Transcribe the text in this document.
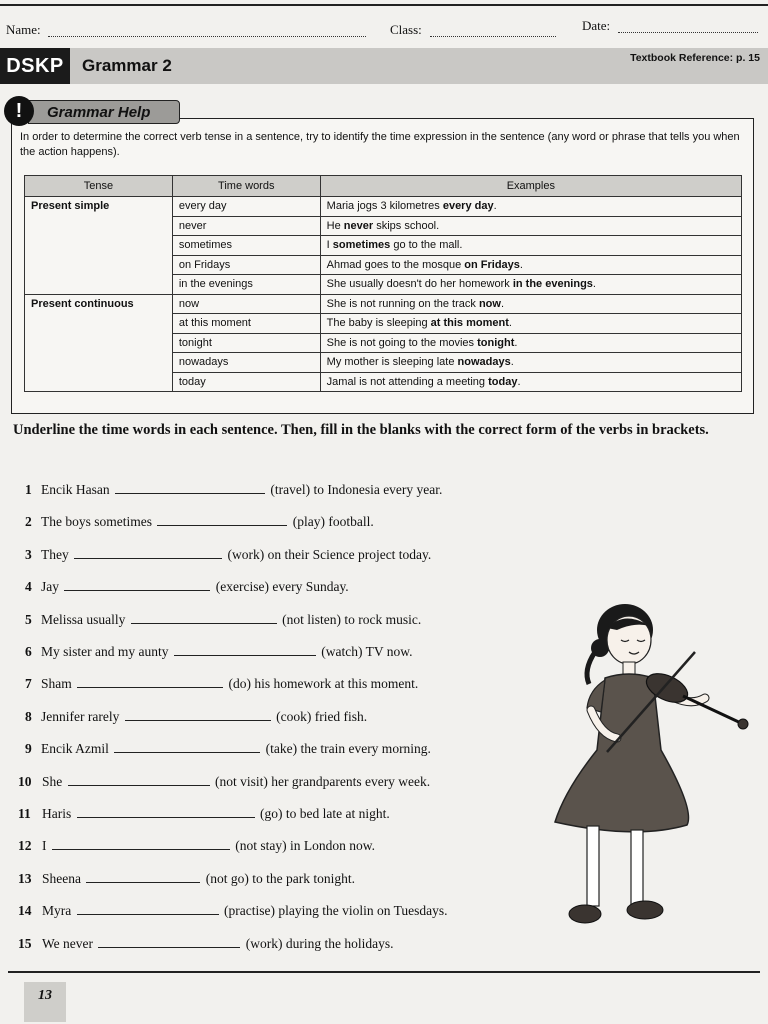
Name:	Class:	Date:
DSKP	Grammar 2	Textbook Reference: p. 15
Grammar Help
!
In order to determine the correct verb tense in a sentence, try to identify the time expression in the sentence (any word or phrase that tells you when the action happens).
Tense	Time words	Examples
Present simple	every day	Maria jogs 3 kilometres every day.
	never	He never skips school.
	sometimes	I sometimes go to the mall.
	on Fridays	Ahmad goes to the mosque on Fridays.
	in the evenings	She usually doesn't do her homework in the evenings.
Present continuous	now	She is not running on the track now.
	at this moment	The baby is sleeping at this moment.
	tonight	She is not going to the movies tonight.
	nowadays	My mother is sleeping late nowadays.
	today	Jamal is not attending a meeting today.
Underline the time words in each sentence. Then, fill in the blanks with the correct form of the verbs in brackets.
1 Encik Hasan	(travel) to Indonesia every year.
2 The boys sometimes	(play) football.
3 They	(work) on their Science project today.
4 Jay	(exercise) every Sunday.
5 Melissa usually	(not listen) to rock music.
6 My sister and my aunty	(watch) TV now.
7 Sham	(do) his homework at this moment.
8 Jennifer rarely	(cook) fried fish.
9 Encik Azmil	(take) the train every morning.
10 She	(not visit) her grandparents every week.
11 Haris	(go) to bed late at night.
12 I	(not stay) in London now.
13 Sheena	(not go) to the park tonight.
14 Myra	(practise) playing the violin on Tuesdays.
15 We never	(work) during the holidays.
13
